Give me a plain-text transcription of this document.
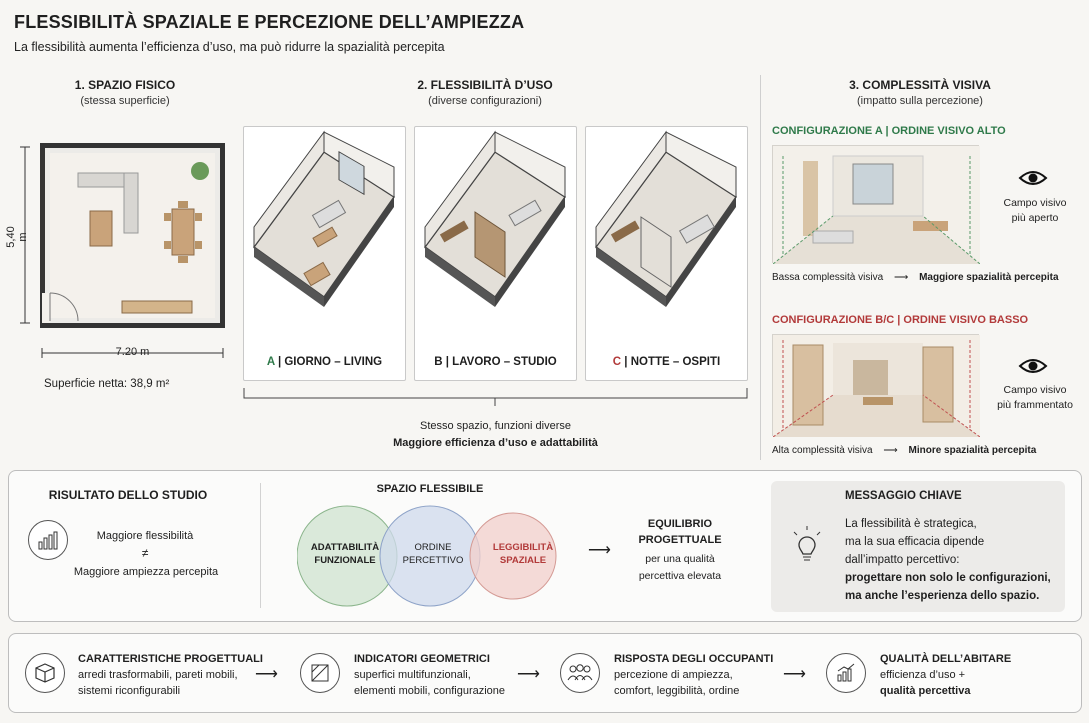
FLESSIBILITÀ SPAZIALE E PERCEZIONE DELL’AMPIEZZA
La flessibilità aumenta l’efficienza d’uso, ma può ridurre la spazialità percepita
1. SPAZIO FISICO
(stessa superficie)
5,40 m
7.20 m
Superficie netta: 38,9 m²
2. FLESSIBILITÀ D’USO
(diverse configurazioni)
A | GIORNO – LIVING	B | LAVORO – STUDIO	C | NOTTE – OSPITI
Stesso spazio, funzioni diverse
Maggiore efficienza d’uso e adattabilità
3. COMPLESSITÀ VISIVA
(impatto sulla percezione)
CONFIGURAZIONE A | ORDINE VISIVO ALTO
Campo visivo
più aperto
Bassa complessità visiva ⟶ Maggiore spazialità percepita
CONFIGURAZIONE B/C | ORDINE VISIVO BASSO
Campo visivo
più frammentato
Alta complessità visiva ⟶ Minore spazialità percepita
RISULTATO DELLO STUDIO
Maggiore flessibilità
≠
Maggiore ampiezza percepita
SPAZIO FLESSIBILE
ADATTABILITÀ
FUNZIONALE
ORDINE
PERCETTIVO
LEGGIBILITÀ
SPAZIALE
⟶
EQUILIBRIO
PROGETTUALE
per una qualità
percettiva elevata
MESSAGGIO CHIAVE
La flessibilità è strategica,
ma la sua efficacia dipende
dall’impatto percettivo:
progettare non solo le configurazioni,
ma anche l’esperienza dello spazio.
CARATTERISTICHE PROGETTUALI
arredi trasformabili, pareti mobili,
sistemi riconfigurabili
⟶
INDICATORI GEOMETRICI
superfici multifunzionali,
elementi mobili, configurazione
⟶
RISPOSTA DEGLI OCCUPANTI
percezione di ampiezza,
comfort, leggibilità, ordine
⟶
QUALITÀ DELL’ABITARE
efficienza d’uso +
qualità percettiva
